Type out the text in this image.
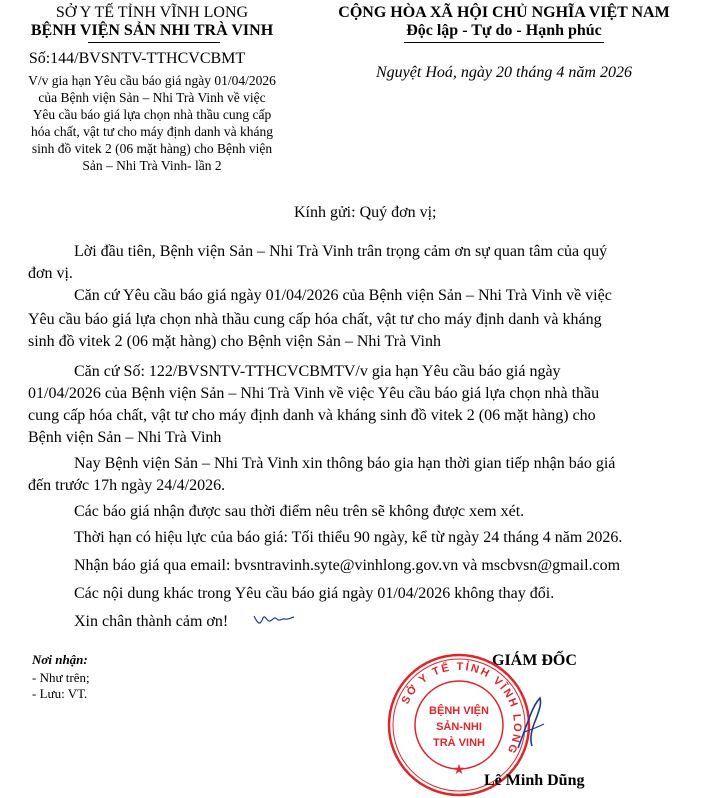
SỞ Y TẾ TỈNH VĨNH LONG
BỆNH VIỆN SẢN NHI TRÀ VINH
Số:144/BVSNTV-TTHCVCBMT
V/v gia hạn Yêu cầu báo giá ngày 01/04/2026
của Bệnh viện Sản – Nhi Trà Vinh về việc
Yêu cầu báo giá lựa chọn nhà thầu cung cấp
hóa chất, vật tư cho máy định danh và kháng
sinh đồ vitek 2 (06 mặt hàng) cho Bệnh viện
Sản – Nhi Trà Vinh- lần 2
CỘNG HÒA XÃ HỘI CHỦ NGHĨA VIỆT NAM
Độc lập - Tự do - Hạnh phúc
Nguyệt Hoá, ngày 20 tháng 4 năm 2026
Kính gửi: Quý đơn vị;
Lời đầu tiên, Bệnh viện Sản – Nhi Trà Vinh trân trọng cảm ơn sự quan tâm của quý
đơn vị.
Căn cứ Yêu cầu báo giá ngày 01/04/2026 của Bệnh viện Sản – Nhi Trà Vinh về việc
Yêu cầu báo giá lựa chọn nhà thầu cung cấp hóa chất, vật tư cho máy định danh và kháng
sinh đồ vitek 2 (06 mặt hàng) cho Bệnh viện Sản – Nhi Trà Vinh
Căn cứ Số: 122/BVSNTV-TTHCVCBMTV/v gia hạn Yêu cầu báo giá ngày
01/04/2026 của Bệnh viện Sản – Nhi Trà Vinh về việc Yêu cầu báo giá lựa chọn nhà thầu
cung cấp hóa chất, vật tư cho máy định danh và kháng sinh đồ vitek 2 (06 mặt hàng) cho
Bệnh viện Sản – Nhi Trà Vinh
Nay Bệnh viện Sản – Nhi Trà Vinh xin thông báo gia hạn thời gian tiếp nhận báo giá
đến trước 17h ngày 24/4/2026.
Các báo giá nhận được sau thời điểm nêu trên sẽ không được xem xét.
Thời hạn có hiệu lực của báo giá: Tối thiểu 90 ngày, kể từ ngày 24 tháng 4 năm 2026.
Nhận báo giá qua email: bvsntravinh.syte@vinhlong.gov.vn và mscbvsn@gmail.com
Các nội dung khác trong Yêu cầu báo giá ngày 01/04/2026 không thay đổi.
Xin chân thành cảm ơn!
Nơi nhận:
- Như trên;
- Lưu: VT.
GIÁM ĐỐC
SỞ Y TẾ TỈNH VĨNH LONG
BỆNH VIỆN
SẢN-NHI
TRÀ VINH
★
Lê Minh Dũng
